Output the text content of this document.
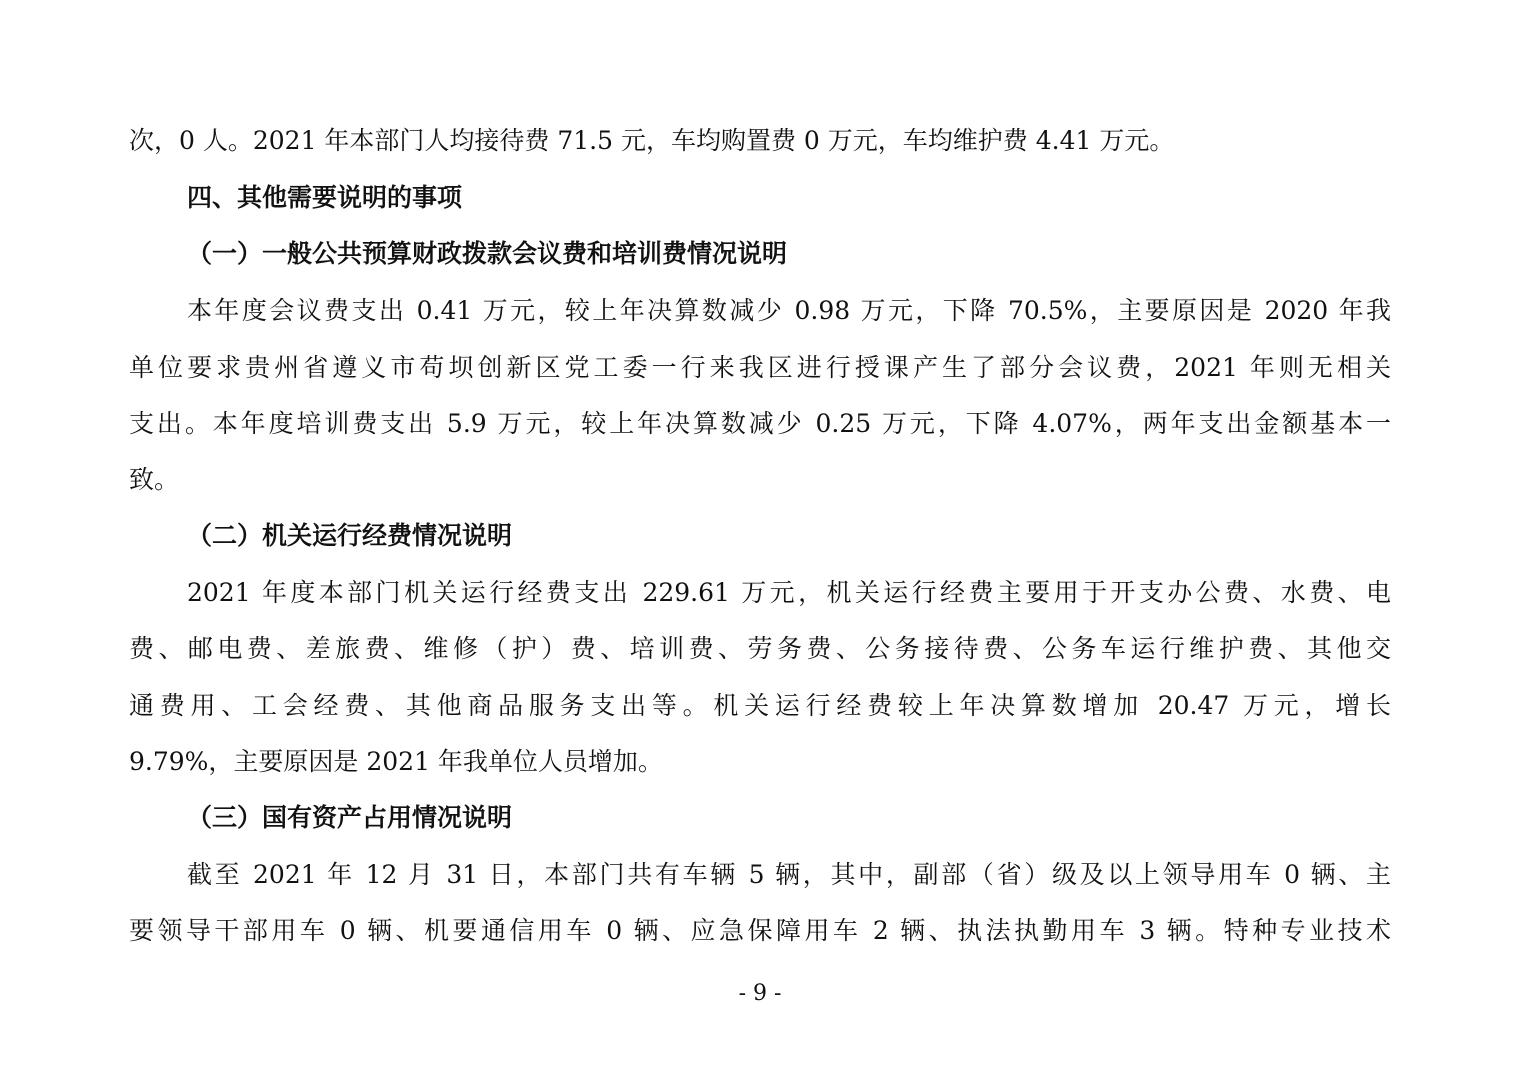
次，0 人。2021 年本部门人均接待费 71.5 元，车均购置费 0 万元，车均维护费 4.41 万元。
四、其他需要说明的事项
（一）一般公共预算财政拨款会议费和培训费情况说明
本年度会议费支出 0.41 万元，较上年决算数减少 0.98 万元，下降 70.5%，主要原因是 2020 年我
单位要求贵州省遵义市苟坝创新区党工委一行来我区进行授课产生了部分会议费，2021 年则无相关
支出。本年度培训费支出 5.9 万元，较上年决算数减少 0.25 万元，下降 4.07%，两年支出金额基本一
致。
（二）机关运行经费情况说明
2021 年度本部门机关运行经费支出 229.61 万元，机关运行经费主要用于开支办公费、水费、电
费、邮电费、差旅费、维修（护）费、培训费、劳务费、公务接待费、公务车运行维护费、其他交
通费用、工会经费、其他商品服务支出等。机关运行经费较上年决算数增加 20.47 万元，增长
9.79%，主要原因是 2021 年我单位人员增加。
（三）国有资产占用情况说明
截至 2021 年 12 月 31 日，本部门共有车辆 5 辆，其中，副部（省）级及以上领导用车 0 辆、主
要领导干部用车 0 辆、机要通信用车 0 辆、应急保障用车 2 辆、执法执勤用车 3 辆。特种专业技术
- 9 -
